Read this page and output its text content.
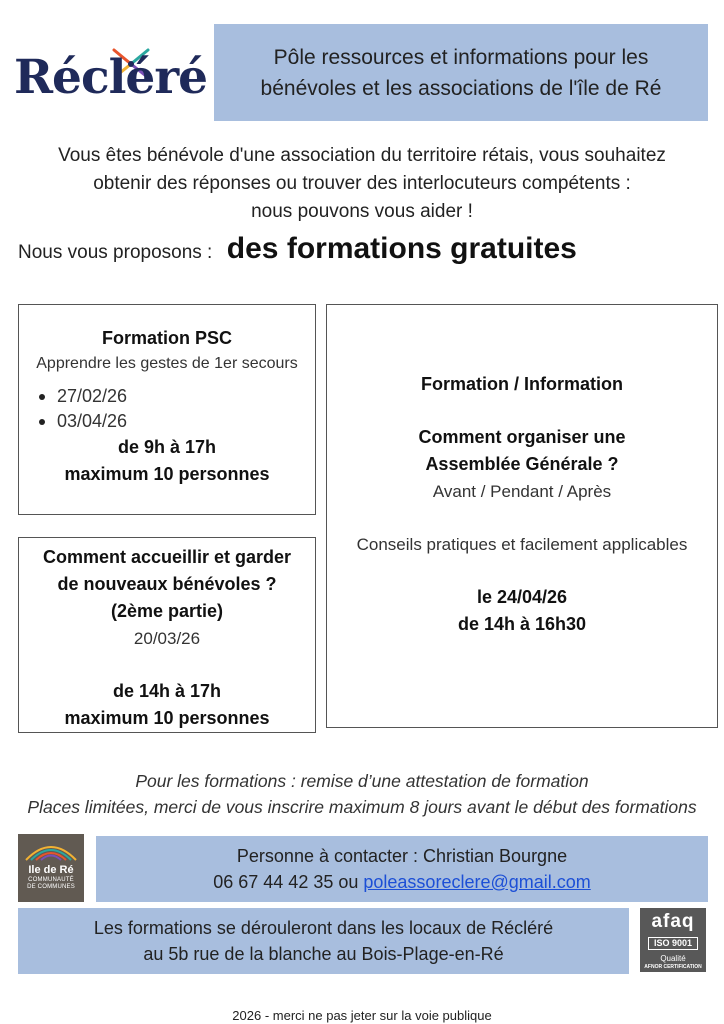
Récléré	Pôle ressources et informations pour les
bénévoles et les associations de l'île de Ré
Vous êtes bénévole d'une association du territoire rétais, vous souhaitez
obtenir des réponses ou trouver des interlocuteurs compétents :
nous pouvons vous aider !
Nous vous proposons : des formations gratuites
Formation PSC
Apprendre les gestes de 1er secours
27/02/26
03/04/26
de 9h à 17h
maximum 10 personnes
Comment accueillir et garder
de nouveaux bénévoles ?
(2ème partie)
20/03/26
de 14h à 17h
maximum 10 personnes
Formation / Information
Comment organiser une
Assemblée Générale ?
Avant / Pendant / Après
Conseils pratiques et facilement applicables
le 24/04/26
de 14h à 16h30
Pour les formations : remise d’une attestation de formation
Places limitées, merci de vous inscrire maximum 8 jours avant le début des formations
Ile de Ré
COMMUNAUTÉ
DE COMMUNES
Personne à contacter : Christian Bourgne
06 67 44 42 35 ou poleassoreclere@gmail.com
Les formations se dérouleront dans les locaux de Récléré
au 5b rue de la blanche au Bois-Plage-en-Ré
afaq
ISO 9001
Qualité
AFNOR CERTIFICATION
2026 - merci ne pas jeter sur la voie publique
